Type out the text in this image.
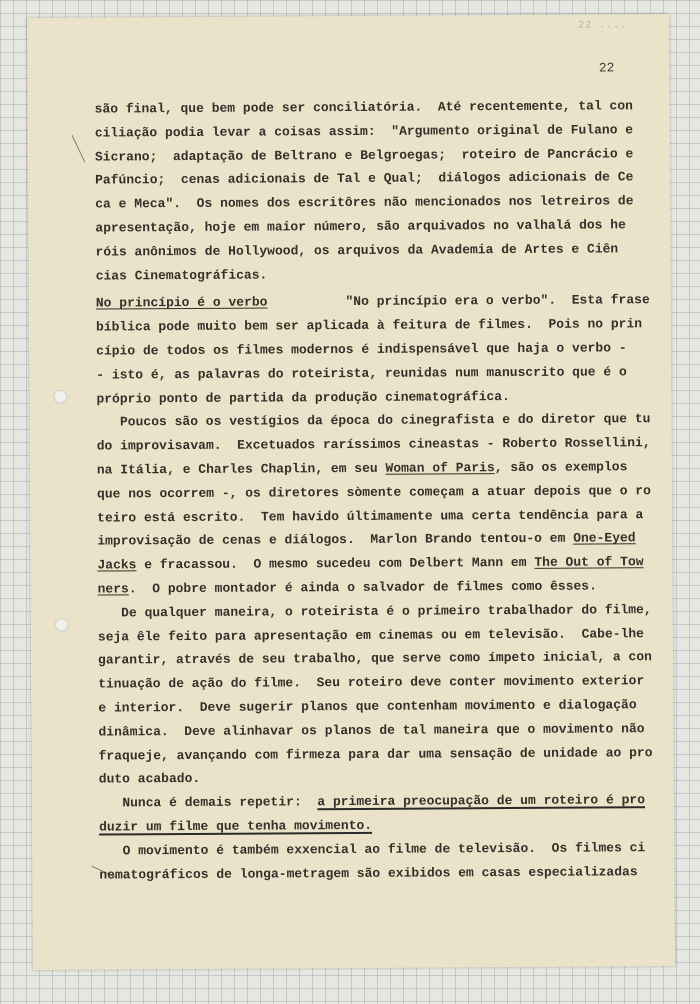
22 ....
22
são final, que bem pode ser conciliatória.  Até recentemente, tal con
ciliação podia levar a coisas assim:  "Argumento original de Fulano e
Sicrano;  adaptação de Beltrano e Belgroegas;  roteiro de Pancrácio e
Pafúncio;  cenas adicionais de Tal e Qual;  diálogos adicionais de Ce
ca e Meca".  Os nomes dos escritôres não mencionados nos letreiros de
apresentação, hoje em maior número, são arquivados no valhalá dos he
róis anônimos de Hollywood, os arquivos da Avademia de Artes e Ciên
cias Cinematográficas.
No princípio é o verbo          "No princípio era o verbo".  Esta frase
bíblica pode muito bem ser aplicada à feitura de filmes.  Pois no prin
cípio de todos os filmes modernos é indispensável que haja o verbo -
- isto é, as palavras do roteirista, reunidas num manuscrito que é o
próprio ponto de partida da produção cinematográfica.
Poucos são os vestígios da época do cinegrafista e do diretor que tu
do improvisavam.  Excetuados raríssimos cineastas - Roberto Rossellini,
na Itália, e Charles Chaplin, em seu Woman of Paris, são os exemplos
que nos ocorrem -, os diretores sòmente começam a atuar depois que o ro
teiro está escrito.  Tem havido últimamente uma certa tendência para a
improvisação de cenas e diálogos.  Marlon Brando tentou-o em One-Eyed
Jacks e fracassou.  O mesmo sucedeu com Delbert Mann em The Out of Tow
ners.  O pobre montador é ainda o salvador de filmes como êsses.
De qualquer maneira, o roteirista é o primeiro trabalhador do filme,
seja êle feito para apresentação em cinemas ou em televisão.  Cabe-lhe
garantir, através de seu trabalho, que serve como ímpeto inicial, a con
tinuação de ação do filme.  Seu roteiro deve conter movimento exterior
e interior.  Deve sugerir planos que contenham movimento e dialogação
dinâmica.  Deve alinhavar os planos de tal maneira que o movimento não
fraqueje, avançando com firmeza para dar uma sensação de unidade ao pro
duto acabado.
Nunca é demais repetir:  a primeira preocupação de um roteiro é pro
duzir um filme que tenha movimento.
O movimento é também exxencial ao filme de televisão.  Os filmes ci
nematográficos de longa-metragem são exibidos em casas especializadas
